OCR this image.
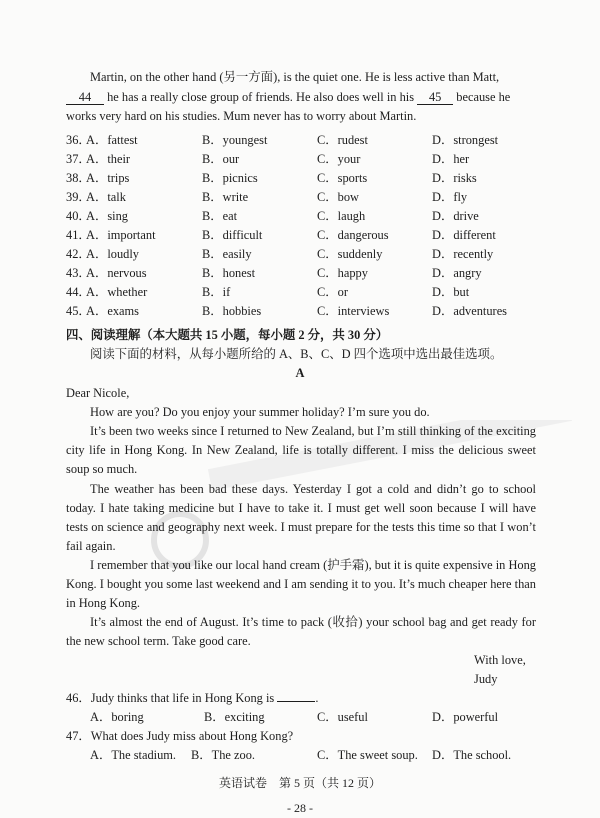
Martin, on the other hand (另一方面), is the quiet one. He is less active than Matt,
44 he has a really close group of friends. He also does well in his 45 because he
works very hard on his studies. Mum never has to worry about Martin.
36．
A．fattest	B．youngest	C．rudest	D．strongest
37．
A．their	B．our	C．your	D．her
38．
A．trips	B．picnics	C．sports	D．risks
39．
A．talk	B．write	C．bow	D．fly
40．
A．sing	B．eat	C．laugh	D．drive
41．
A．important	B．difficult	C．dangerous	D．different
42．
A．loudly	B．easily	C．suddenly	D．recently
43．
A．nervous	B．honest	C．happy	D．angry
44．
A．whether	B．if	C．or	D．but
45．
A．exams	B．hobbies	C．interviews	D．adventures
四、阅读理解（本大题共 15 小题，每小题 2 分，共 30 分）
阅读下面的材料，从每小题所给的 A、B、C、D 四个选项中选出最佳选项。
A
Dear Nicole,
How are you? Do you enjoy your summer holiday? I’m sure you do.
It’s been two weeks since I returned to New Zealand, but I’m still thinking of the exciting city life in Hong Kong. In New Zealand, life is totally different. I miss the delicious sweet soup so much.
The weather has been bad these days. Yesterday I got a cold and didn’t go to school today. I hate taking medicine but I have to take it. I must get well soon because I will have tests on science and geography next week. I must prepare for the tests this time so that I won’t fail again.
I remember that you like our local hand cream (护手霜), but it is quite expensive in Hong Kong. I bought you some last weekend and I am sending it to you. It’s much cheaper here than in Hong Kong.
It’s almost the end of August. It’s time to pack (收拾) your school bag and get ready for the new school term. Take good care.
With love,
Judy
46．Judy thinks that life in Hong Kong is	.
A．boring	B．exciting	C．useful	D．powerful
47．What does Judy miss about Hong Kong?
A．The stadium. B．The zoo.	C．The sweet soup. D．The school.
英语试卷　第 5 页（共 12 页）
- 28 -
